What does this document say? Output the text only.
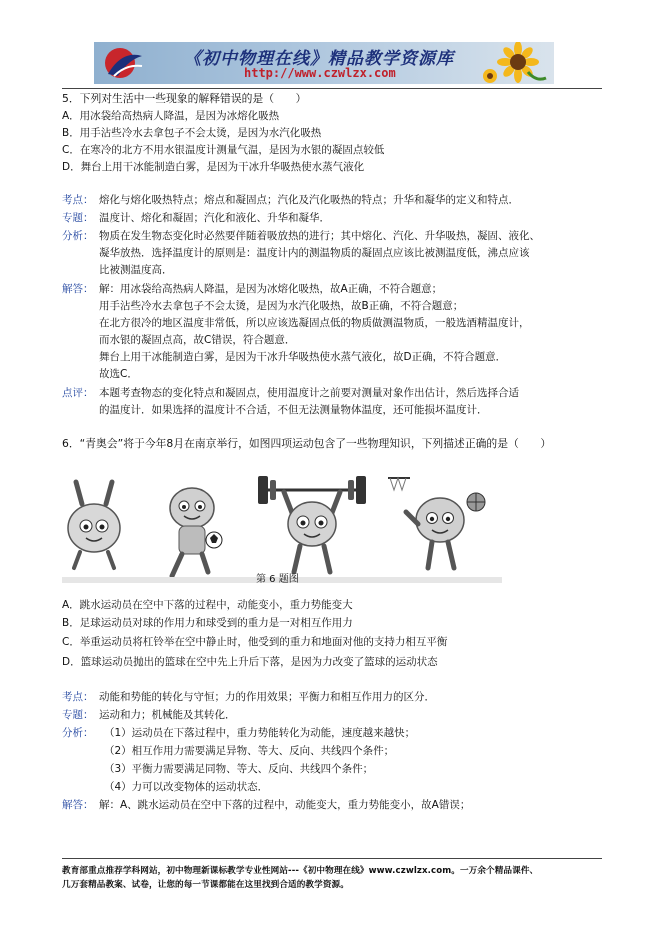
《初中物理在线》精品教学资源库
http://www.czwlzx.com
5．下列对生活中一些现象的解释错误的是（　　）
A．用冰袋给高热病人降温，是因为冰熔化吸热
B．用手沾些冷水去拿包子不会太烫，是因为水汽化吸热
C．在寒冷的北方不用水银温度计测量气温，是因为水银的凝固点较低
D．舞台上用干冰能制造白雾，是因为干冰升华吸热使水蒸气液化
考点： 熔化与熔化吸热特点；熔点和凝固点；汽化及汽化吸热的特点；升华和凝华的定义和特点．
专题： 温度计、熔化和凝固；汽化和液化、升华和凝华．
分析： 物质在发生物态变化时必然要伴随着吸放热的进行；其中熔化、汽化、升华吸热，凝固、液化、
凝华放热．选择温度计的原则是：温度计内的测温物质的凝固点应该比被测温度低，沸点应该
比被测温度高．
解答： 解：用冰袋给高热病人降温，是因为冰熔化吸热，故A正确，不符合题意；
用手沾些冷水去拿包子不会太烫，是因为水汽化吸热，故B正确，不符合题意；
在北方很冷的地区温度非常低，所以应该选凝固点低的物质做测温物质，一般选酒精温度计，
而水银的凝固点高，故C错误，符合题意．
舞台上用干冰能制造白雾，是因为干冰升华吸热使水蒸气液化，故D正确，不符合题意．
故选C．
点评： 本题考查物态的变化特点和凝固点，使用温度计之前要对测量对象作出估计，然后选择合适
的温度计．如果选择的温度计不合适，不但无法测量物体温度，还可能损坏温度计．
6．“青奥会”将于今年8月在南京举行，如图四项运动包含了一些物理知识，下列描述正确的是（　　）
第 6 题图
A．跳水运动员在空中下落的过程中，动能变小，重力势能变大
B．足球运动员对球的作用力和球受到的重力是一对相互作用力
C．举重运动员将杠铃举在空中静止时，他受到的重力和地面对他的支持力相互平衡
D．篮球运动员抛出的篮球在空中先上升后下落，是因为力改变了篮球的运动状态
考点： 动能和势能的转化与守恒；力的作用效果；平衡力和相互作用力的区分．
专题： 运动和力；机械能及其转化．
分析： （1）运动员在下落过程中，重力势能转化为动能，速度越来越快；
（2）相互作用力需要满足异物、等大、反向、共线四个条件；
（3）平衡力需要满足同物、等大、反向、共线四个条件；
（4）力可以改变物体的运动状态．
解答： 解：A、跳水运动员在空中下落的过程中，动能变大，重力势能变小，故A错误；
教育部重点推荐学科网站，初中物理新课标教学专业性网站---《初中物理在线》www.czwlzx.com。一万余个精品课件、
几万套精品教案、试卷，让您的每一节课都能在这里找到合适的教学资源。
